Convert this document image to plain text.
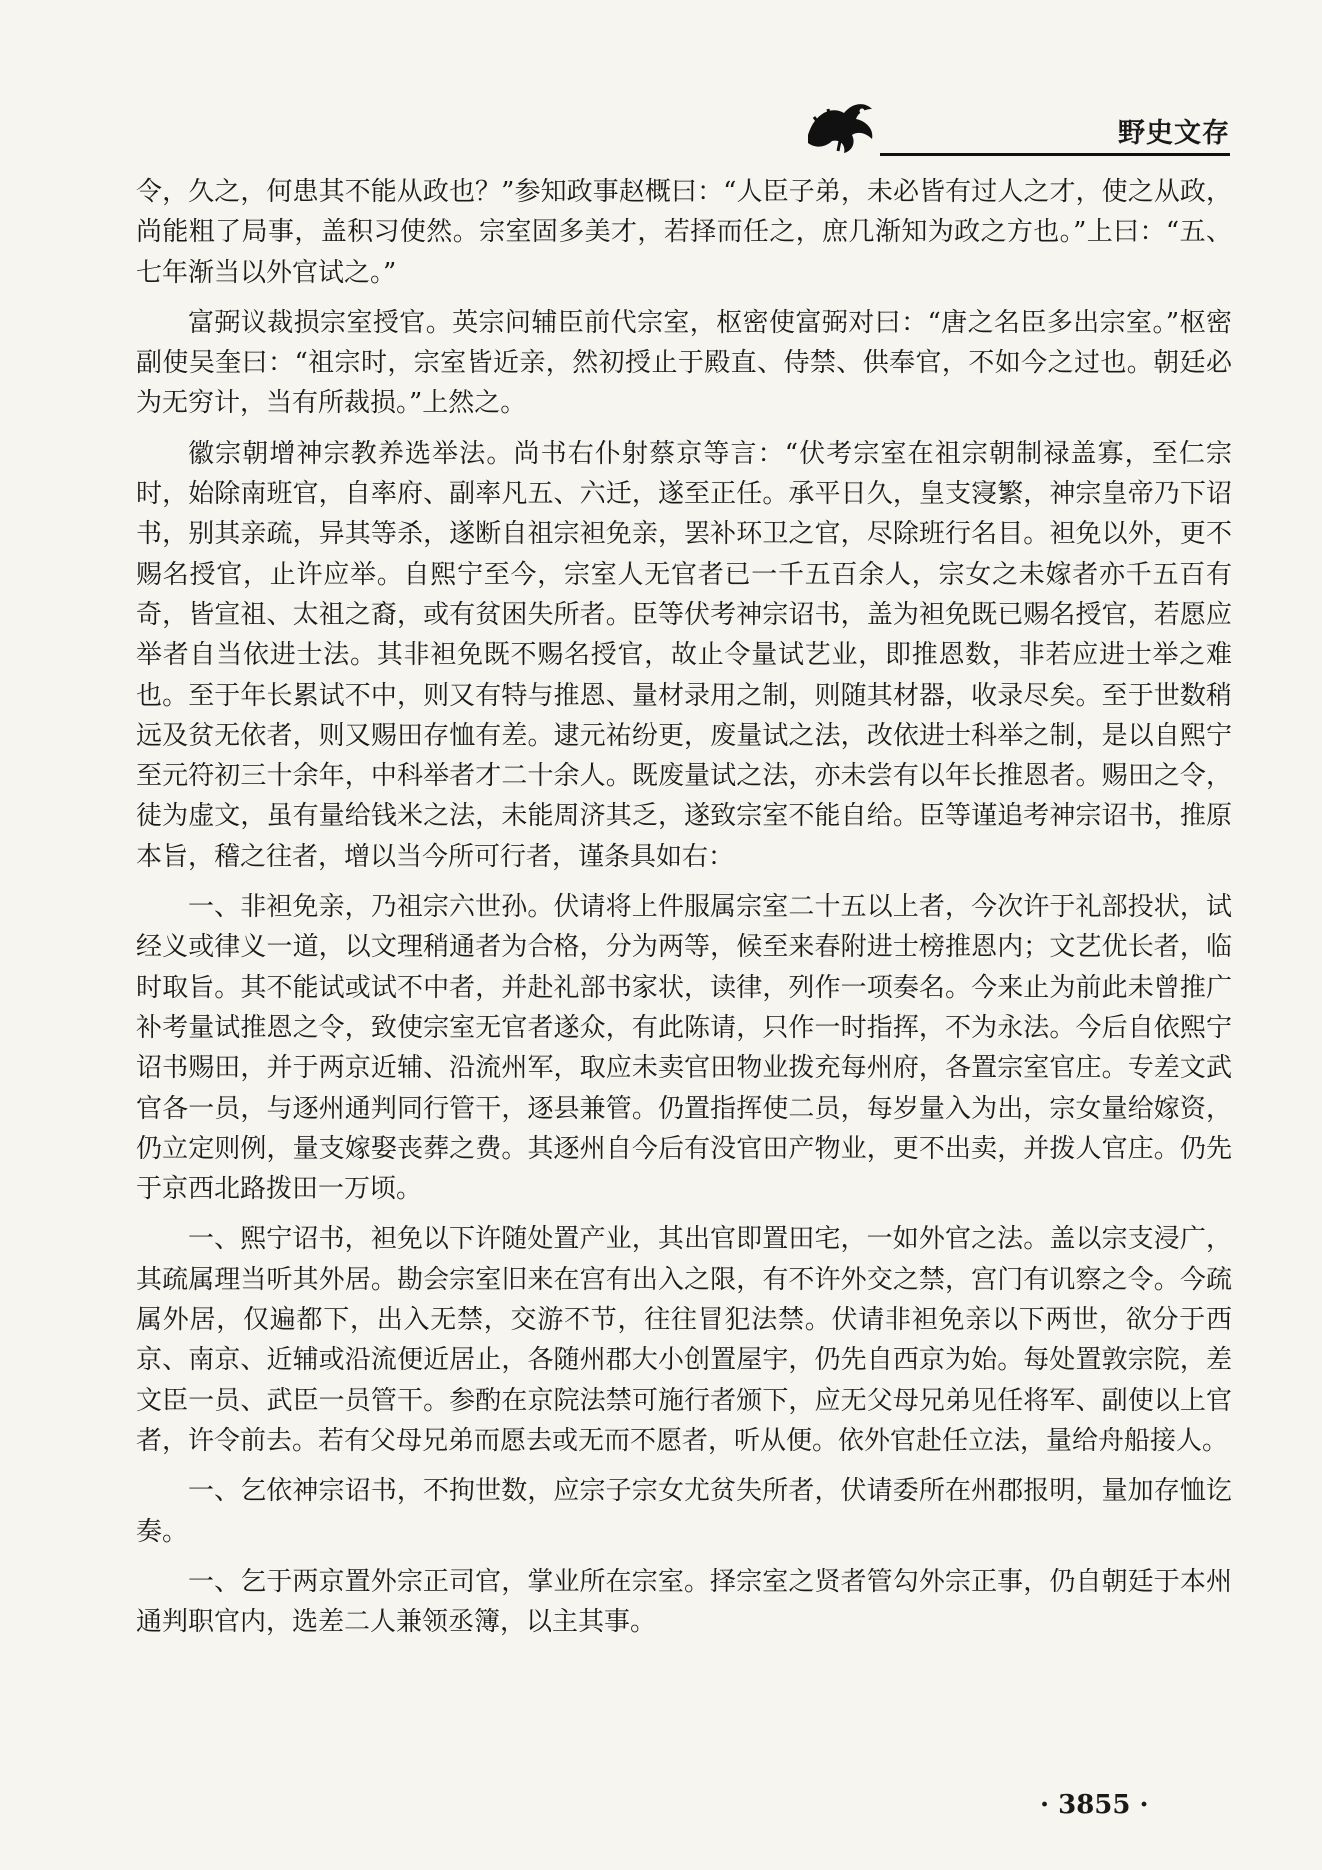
野史文存

令，久之，何患其不能从政也？”参知政事赵概曰：“人臣子弟，未必皆有过人之才，使之从政，尚能粗了局事，盖积习使然。宗室固多美才，若择而任之，庶几渐知为政之方也。”上曰：“五、七年渐当以外官试之。”

富弼议裁损宗室授官。英宗问辅臣前代宗室，枢密使富弼对曰：“唐之名臣多出宗室。”枢密副使吴奎曰：“祖宗时，宗室皆近亲，然初授止于殿直、侍禁、供奉官，不如今之过也。朝廷必为无穷计，当有所裁损。”上然之。

徽宗朝增神宗教养选举法。尚书右仆射蔡京等言：“伏考宗室在祖宗朝制禄盖寡，至仁宗时，始除南班官，自率府、副率凡五、六迁，遂至正任。承平日久，皇支寖繁，神宗皇帝乃下诏书，别其亲疏，异其等杀，遂断自祖宗袒免亲，罢补环卫之官，尽除班行名目。袒免以外，更不赐名授官，止许应举。自熙宁至今，宗室人无官者已一千五百余人，宗女之未嫁者亦千五百有奇，皆宣祖、太祖之裔，或有贫困失所者。臣等伏考神宗诏书，盖为袒免既已赐名授官，若愿应举者自当依进士法。其非袒免既不赐名授官，故止令量试艺业，即推恩数，非若应进士举之难也。至于年长累试不中，则又有特与推恩、量材录用之制，则随其材器，收录尽矣。至于世数稍远及贫无依者，则又赐田存恤有差。逮元祐纷更，废量试之法，改依进士科举之制，是以自熙宁至元符初三十余年，中科举者才二十余人。既废量试之法，亦未尝有以年长推恩者。赐田之令，徒为虚文，虽有量给钱米之法，未能周济其乏，遂致宗室不能自给。臣等谨追考神宗诏书，推原本旨，稽之往者，增以当今所可行者，谨条具如右：

一、非袒免亲，乃祖宗六世孙。伏请将上件服属宗室二十五以上者，今次许于礼部投状，试经义或律义一道，以文理稍通者为合格，分为两等，候至来春附进士榜推恩内；文艺优长者，临时取旨。其不能试或试不中者，并赴礼部书家状，读律，列作一项奏名。今来止为前此未曾推广补考量试推恩之令，致使宗室无官者遂众，有此陈请，只作一时指挥，不为永法。今后自依熙宁诏书赐田，并于两京近辅、沿流州军，取应未卖官田物业拨充每州府，各置宗室官庄。专差文武官各一员，与逐州通判同行管干，逐县兼管。仍置指挥使二员，每岁量入为出，宗女量给嫁资，仍立定则例，量支嫁娶丧葬之费。其逐州自今后有没官田产物业，更不出卖，并拨人官庄。仍先于京西北路拨田一万顷。

一、熙宁诏书，袒免以下许随处置产业，其出官即置田宅，一如外官之法。盖以宗支浸广，其疏属理当听其外居。勘会宗室旧来在宫有出入之限，有不许外交之禁，宫门有讥察之令。今疏属外居，仅遍都下，出入无禁，交游不节，往往冒犯法禁。伏请非袒免亲以下两世，欲分于西京、南京、近辅或沿流便近居止，各随州郡大小创置屋宇，仍先自西京为始。每处置敦宗院，差文臣一员、武臣一员管干。参酌在京院法禁可施行者颁下，应无父母兄弟见任将军、副使以上官者，许令前去。若有父母兄弟而愿去或无而不愿者，听从便。依外官赴任立法，量给舟船接人。

一、乞依神宗诏书，不拘世数，应宗子宗女尤贫失所者，伏请委所在州郡报明，量加存恤讫奏。

一、乞于两京置外宗正司官，掌业所在宗室。择宗室之贤者管勾外宗正事，仍自朝廷于本州通判职官内，选差二人兼领丞簿，以主其事。

· 3855 ·
